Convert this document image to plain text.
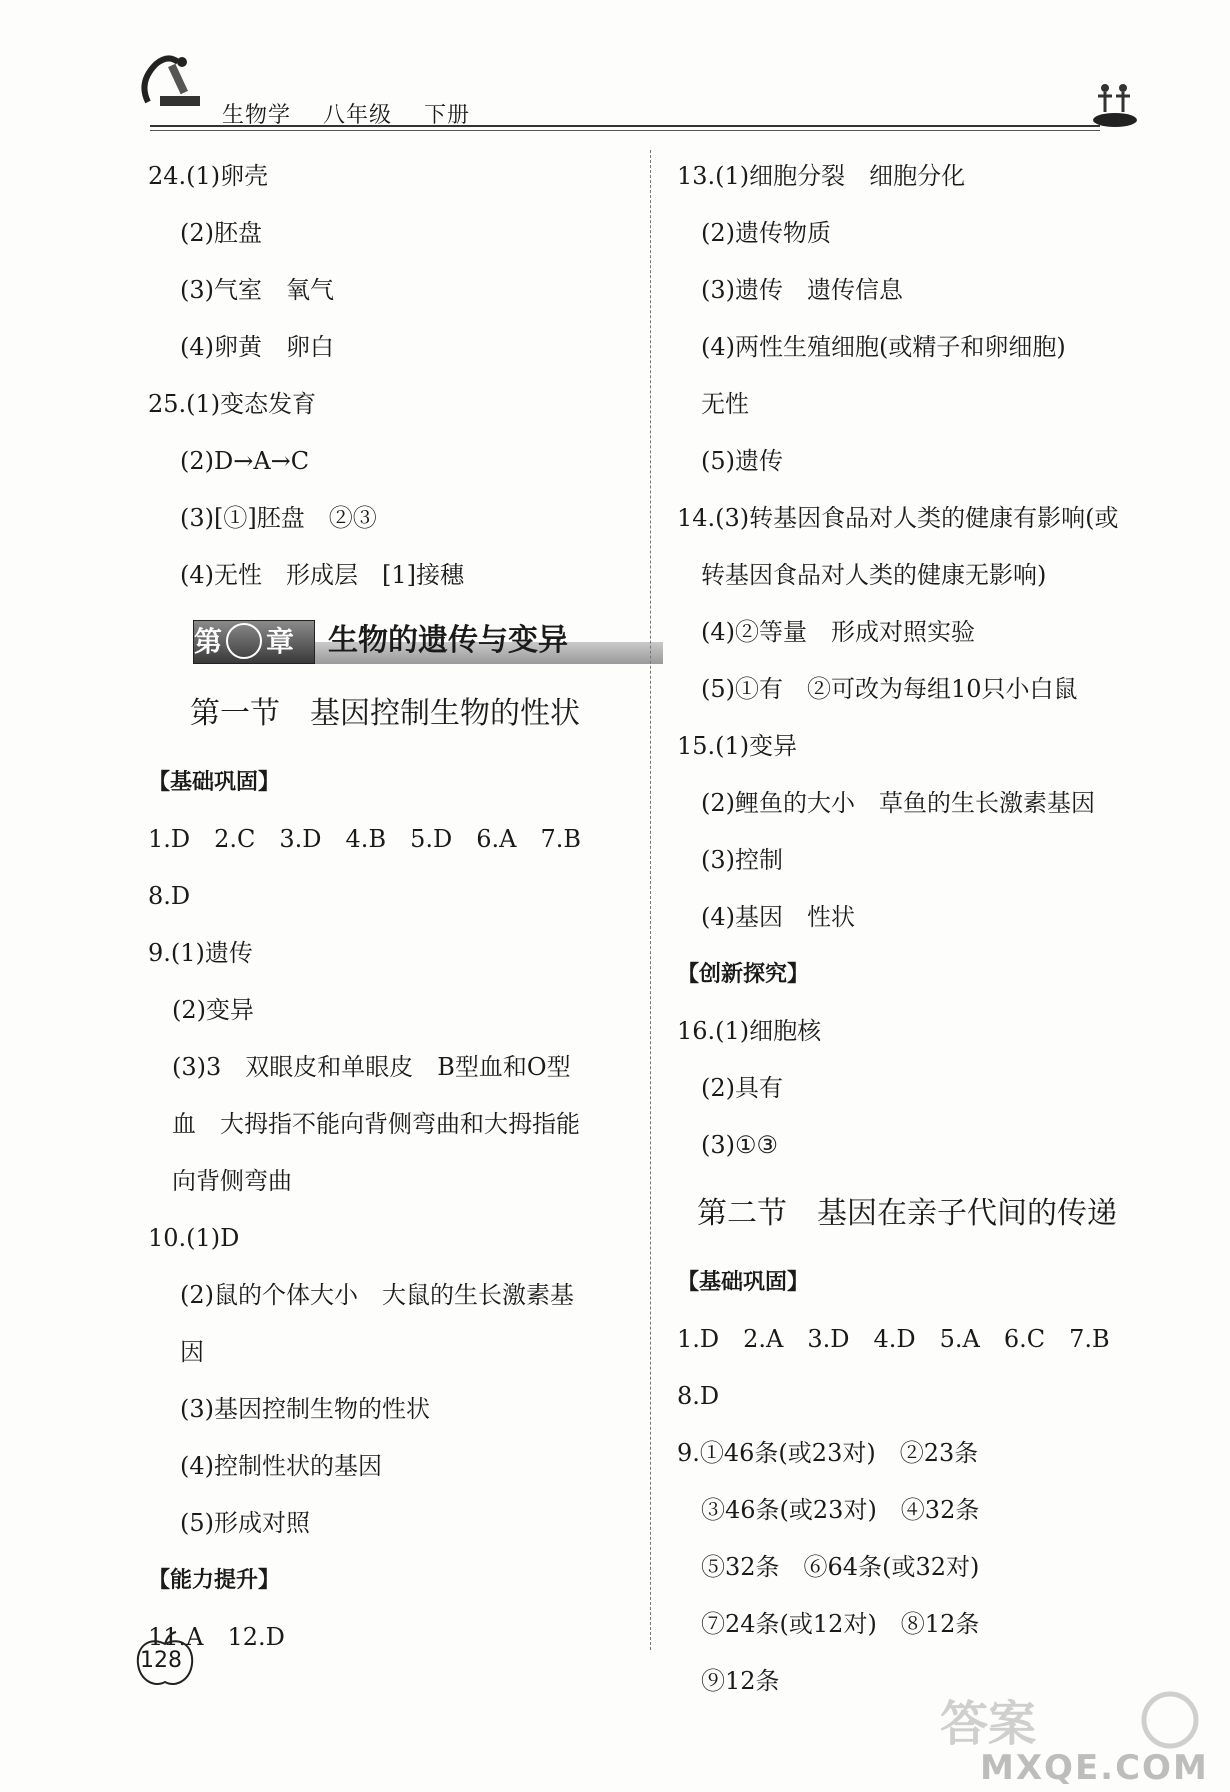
生物学 八年级 下册
24.(1)卵壳
(2)胚盘
(3)气室　氧气
(4)卵黄　卵白
25.(1)变态发育
(2)D→A→C
(3)[①]胚盘　②③
(4)无性　形成层　[1]接穗
第 章	生物的遗传与变异
第一节　基因控制生物的性状
【基础巩固】
1.D　2.C　3.D　4.B　5.D　6.A　7.B
8.D
9.(1)遗传
(2)变异
(3)3　双眼皮和单眼皮　B型血和O型
血　大拇指不能向背侧弯曲和大拇指能
向背侧弯曲
10.(1)D
(2)鼠的个体大小　大鼠的生长激素基
因
(3)基因控制生物的性状
(4)控制性状的基因
(5)形成对照
【能力提升】
11.A　12.D
13.(1)细胞分裂　细胞分化
(2)遗传物质
(3)遗传　遗传信息
(4)两性生殖细胞(或精子和卵细胞)
无性
(5)遗传
14.(3)转基因食品对人类的健康有影响(或
转基因食品对人类的健康无影响)
(4)②等量　形成对照实验
(5)①有　②可改为每组10只小白鼠
15.(1)变异
(2)鲤鱼的大小　草鱼的生长激素基因
(3)控制
(4)基因　性状
【创新探究】
16.(1)细胞核
(2)具有
(3)①③
第二节　基因在亲子代间的传递
【基础巩固】
1.D　2.A　3.D　4.D　5.A　6.C　7.B
8.D
9.①46条(或23对)　②23条
③46条(或23对)　④32条
⑤32条　⑥64条(或32对)
⑦24条(或12对)　⑧12条
⑨12条
128
答案
MXQE.COM
